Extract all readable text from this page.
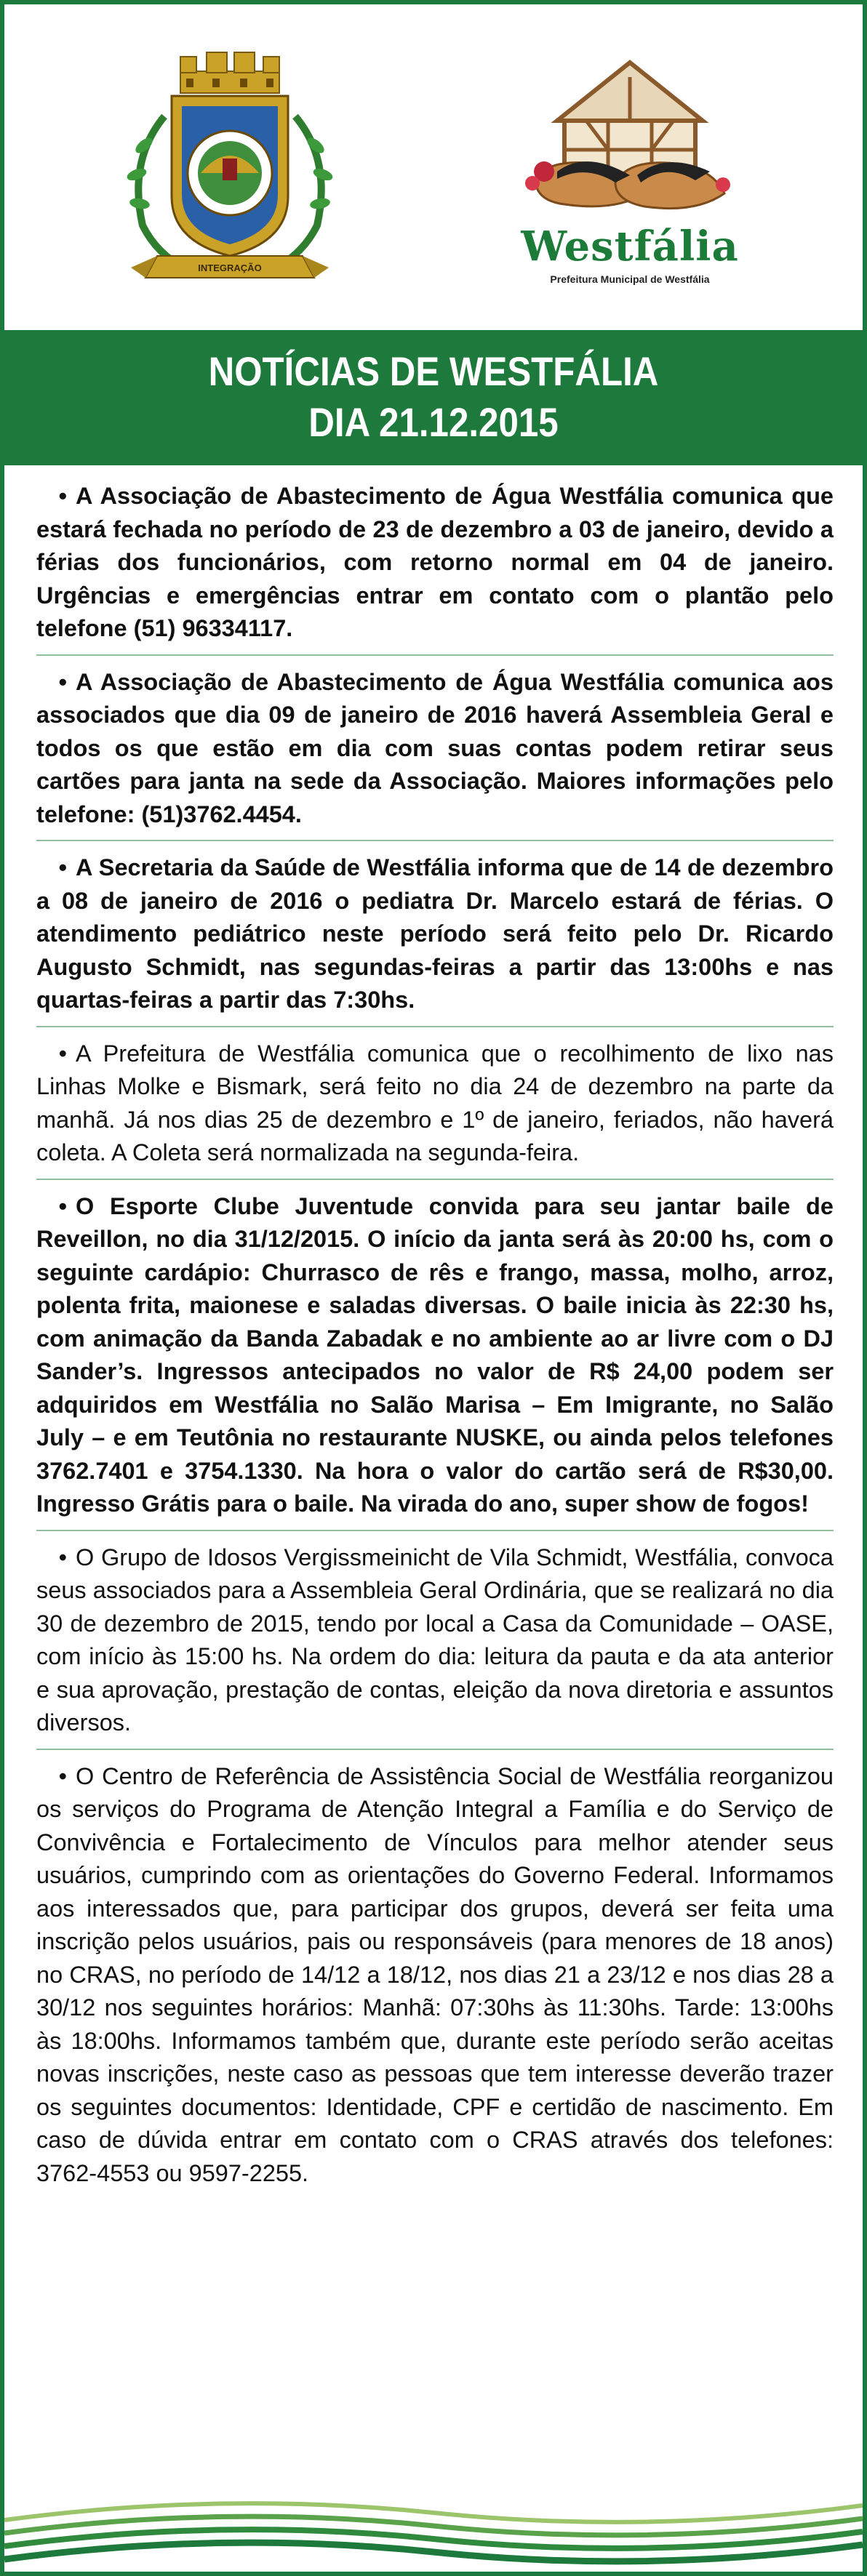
INTEGRAÇÃO	Westfália
Prefeitura Municipal de Westfália
NOTÍCIAS DE WESTFÁLIA
DIA 21.12.2015

• A Associação de Abastecimento de Água Westfália comunica que estará fechada no período de 23 de dezembro a 03 de janeiro, devido a férias dos funcionários, com retorno normal em 04 de janeiro. Urgências e emergências entrar em contato com o plantão pelo telefone (51) 96334117.

• A Associação de Abastecimento de Água Westfália comunica aos associados que dia 09 de janeiro de 2016 haverá Assembleia Geral e todos os que estão em dia com suas contas podem retirar seus cartões para janta na sede da Associação. Maiores informações pelo telefone: (51)3762.4454.

• A Secretaria da Saúde de Westfália informa que de 14 de dezembro a 08 de janeiro de 2016 o pediatra Dr. Marcelo estará de férias. O atendimento pediátrico neste período será feito pelo Dr. Ricardo Augusto Schmidt, nas segundas-feiras a partir das 13:00hs e nas quartas-feiras a partir das 7:30hs.

• A Prefeitura de Westfália comunica que o recolhimento de lixo nas Linhas Molke e Bismark, será feito no dia 24 de dezembro na parte da manhã. Já nos dias 25 de dezembro e 1º de janeiro, feriados, não haverá coleta. A Coleta será normalizada na segunda-feira.

• O Esporte Clube Juventude convida para seu jantar baile de Reveillon, no dia 31/12/2015. O início da janta será às 20:00 hs, com o seguinte cardápio: Churrasco de rês e frango, massa, molho, arroz, polenta frita, maionese e saladas diversas. O baile inicia às 22:30 hs, com animação da Banda Zabadak e no ambiente ao ar livre com o DJ Sander’s. Ingressos antecipados no valor de R$ 24,00 podem ser adquiridos em Westfália no Salão Marisa – Em Imigrante, no Salão July – e em Teutônia no restaurante NUSKE, ou ainda pelos telefones 3762.7401 e 3754.1330. Na hora o valor do cartão será de R$30,00. Ingresso Grátis para o baile. Na virada do ano, super show de fogos!

• O Grupo de Idosos Vergissmeinicht de Vila Schmidt, Westfália, convoca seus associados para a Assembleia Geral Ordinária, que se realizará no dia 30 de dezembro de 2015, tendo por local a Casa da Comunidade – OASE, com início às 15:00 hs. Na ordem do dia: leitura da pauta e da ata anterior e sua aprovação, prestação de contas, eleição da nova diretoria e assuntos diversos.

• O Centro de Referência de Assistência Social de Westfália reorganizou os serviços do Programa de Atenção Integral a Família e do Serviço de Convivência e Fortalecimento de Vínculos para melhor atender seus usuários, cumprindo com as orientações do Governo Federal. Informamos aos interessados que, para participar dos grupos, deverá ser feita uma inscrição pelos usuários, pais ou responsáveis (para menores de 18 anos) no CRAS, no período de 14/12 a 18/12, nos dias 21 a 23/12 e nos dias 28 a 30/12 nos seguintes horários: Manhã: 07:30hs às 11:30hs. Tarde: 13:00hs às 18:00hs. Informamos também que, durante este período serão aceitas novas inscrições, neste caso as pessoas que tem interesse deverão trazer os seguintes documentos: Identidade, CPF e certidão de nascimento. Em caso de dúvida entrar em contato com o CRAS através dos telefones: 3762-4553 ou 9597-2255.
